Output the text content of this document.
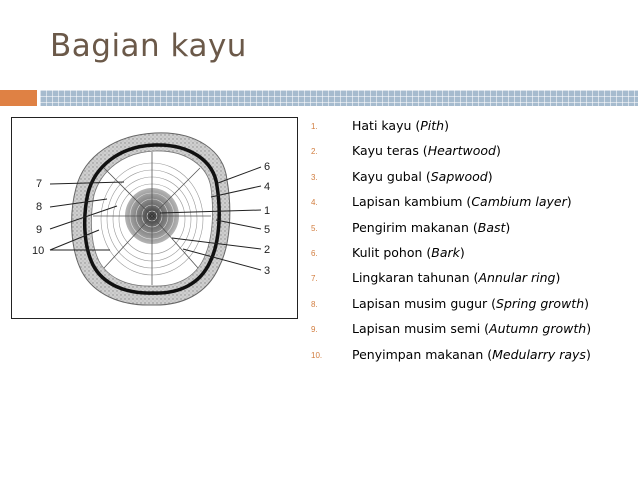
Bagian kayu
7
8
9
10
6
4
1
5
2
3
1.	Hati kayu (Pith)
2.	Kayu teras (Heartwood)
3.	Kayu gubal (Sapwood)
4.	Lapisan kambium (Cambium layer)
5.	Pengirim makanan (Bast)
6.	Kulit pohon (Bark)
7.	Lingkaran tahunan (Annular ring)
8.	Lapisan musim gugur (Spring growth)
9.	Lapisan musim semi (Autumn growth)
10.	Penyimpan makanan (Medularry rays)
